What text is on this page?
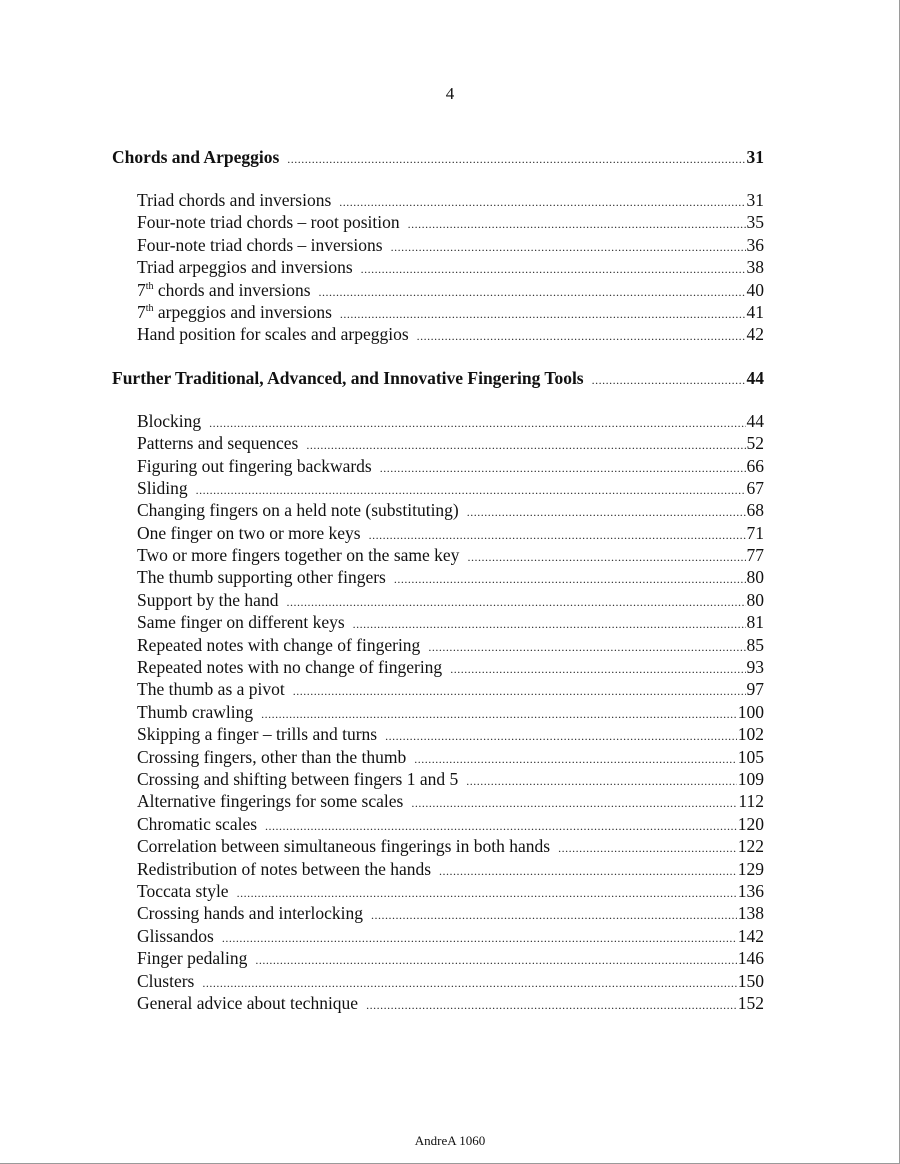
4
Chords and Arpeggios .....	31
Triad chords and inversions .....	31
Four-note triad chords – root position .....	35
Four-note triad chords – inversions .....	36
Triad arpeggios and inversions .....	38
7th chords and inversions .....	40
7th arpeggios and inversions .....	41
Hand position for scales and arpeggios .....	42
Further Traditional, Advanced, and Innovative Fingering Tools .....	44
Blocking .....	44
Patterns and sequences .....	52
Figuring out fingering backwards .....	66
Sliding .....	67
Changing fingers on a held note (substituting) .....	68
One finger on two or more keys .....	71
Two or more fingers together on the same key .....	77
The thumb supporting other fingers .....	80
Support by the hand .....	80
Same finger on different keys .....	81
Repeated notes with change of fingering .....	85
Repeated notes with no change of fingering .....	93
The thumb as a pivot .....	97
Thumb crawling .....	100
Skipping a finger – trills and turns .....	102
Crossing fingers, other than the thumb .....	105
Crossing and shifting between fingers 1 and 5 .....	109
Alternative fingerings for some scales .....	112
Chromatic scales .....	120
Correlation between simultaneous fingerings in both hands .....	122
Redistribution of notes between the hands .....	129
Toccata style .....	136
Crossing hands and interlocking .....	138
Glissandos .....	142
Finger pedaling .....	146
Clusters .....	150
General advice about technique .....	152
AndreA 1060
